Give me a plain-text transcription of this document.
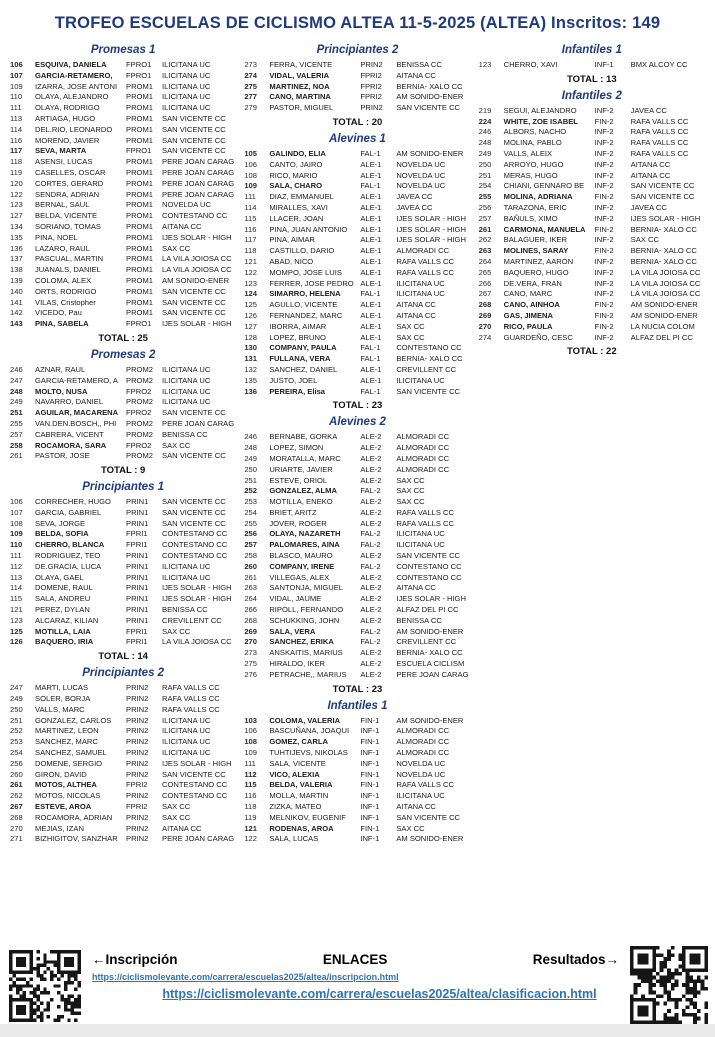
TROFEO ESCUELAS DE CICLISMO ALTEA 11-5-2025 (ALTEA) Inscritos: 149
Promesas 1
106	ESQUIVA, DANIELA	FPRO1	ILICITANA UC
107	GARCIA-RETAMERO,	FPRO1	ILICITANA UC
109	IZARRA, JOSE ANTONI	PROM1	ILICITANA UC
110	OLAYA, ALEJANDRO	PROM1	ILICITANA UC
111	OLAYA, RODRIGO	PROM1	ILICITANA UC
113	ARTIAGA, HUGO	PROM1	SAN VICENTE CC
114	DEL.RIO, LEONARDO	PROM1	SAN VICENTE CC
116	MORENO, JAVIER	PROM1	SAN VICENTE CC
117	SEVA, MARTA	FPRO1	SAN VICENTE CC
118	ASENSI, LUCAS	PROM1	PERE JOAN CARAG
119	CASELLES, OSCAR	PROM1	PERE JOAN CARAG
120	CORTES, GERARD	PROM1	PERE JOAN CARAG
122	SENDRA, ADRIAN	PROM1	PERE JOAN CARAG
123	BERNAL, SAUL	PROM1	NOVELDA UC
127	BELDA, VICENTE	PROM1	CONTESTANO CC
134	SORIANO, TOMAS	PROM1	AITANA CC
135	PINA, NOEL	PROM1	IJES SOLAR - HIGH
136	LAZARO, RAUL	PROM1	SAX CC
137	PASCUAL, MARTIN	PROM1	LA VILA JOIOSA CC
138	JUANALS, DANIEL	PROM1	LA VILA JOIOSA CC
139	COLOMA, ALEX	PROM1	AM SONIDO-ENER
140	ORTS, RODRIGO	PROM1	SAN VICENTE CC
141	VILAS, Cristopher	PROM1	SAN VICENTE CC
142	VICEDO, Pau	PROM1	SAN VICENTE CC
143	PINA, SABELA	FPRO1	IJES SOLAR - HIGH
TOTAL : 25
Promesas 2
246	AZNAR, RAUL	PROM2	ILICITANA UC
247	GARCIA-RETAMERO, A	PROM2	ILICITANA UC
248	MOLTO, NUSA	FPRO2	ILICITANA UC
249	NAVARRO, DANIEL	PROM2	ILICITANA UC
251	AGUILAR, MACARENA	FPRO2	SAN VICENTE CC
255	VAN.DEN.BOSCH,, PHI	PROM2	PERE JOAN CARAG
257	CABRERA, VICENT	PROM2	BENISSA CC
258	ROCAMORA, SARA	FPRO2	SAX CC
261	PASTOR, JOSE	PROM2	SAN VICENTE CC
TOTAL : 9
Principiantes 1
106	CORRECHER, HUGO	PRIN1	SAN VICENTE CC
107	GARCIA, GABRIEL	PRIN1	SAN VICENTE CC
108	SEVA, JORGE	PRIN1	SAN VICENTE CC
109	BELDA, SOFIA	FPRI1	CONTESTANO CC
110	CHERRO, BLANCA	FPRI1	CONTESTANO CC
111	RODRIGUEZ, TEO	PRIN1	CONTESTANO CC
112	DE.GRACIA, LUCA	PRIN1	ILICITANA UC
113	OLAYA, GAEL	PRIN1	ILICITANA UC
114	DOMENE, RAUL	PRIN1	IJES SOLAR - HIGH
115	SALA, ANDREU	PRIN1	IJES SOLAR - HIGH
121	PEREZ, DYLAN	PRIN1	BENISSA CC
123	ALCARAZ, KILIAN	PRIN1	CREVILLENT CC
125	MOTILLA, LAIA	FPRI1	SAX CC
126	BAQUERO, IRIA	FPRI1	LA VILA JOIOSA CC
TOTAL : 14
Principiantes 2
247	MARTI, LUCAS	PRIN2	RAFA VALLS CC
249	SOLER, BORJA	PRIN2	RAFA VALLS CC
250	VALLS, MARC	PRIN2	RAFA VALLS CC
251	GONZALEZ, CARLOS	PRIN2	ILICITANA UC
252	MARTINEZ, LEON	PRIN2	ILICITANA UC
253	SANCHEZ, MARC	PRIN2	ILICITANA UC
254	SANCHEZ, SAMUEL	PRIN2	ILICITANA UC
256	DOMENE, SERGIO	PRIN2	IJES SOLAR - HIGH
260	GIRON, DAVID	PRIN2	SAN VICENTE CC
261	MOTOS, ALTHEA	FPRI2	CONTESTANO CC
262	MOTOS, NICOLAS	PRIN2	CONTESTANO CC
267	ESTEVE, AROA	FPRI2	SAX CC
268	ROCAMORA, ADRIAN	PRIN2	SAX CC
270	MEJIAS, IZAN	PRIN2	AITANA CC
271	BIZHIGITOV, SANZHAR	PRIN2	PERE JOAN CARAG
Principiantes 2
273	FERRA, VICENTE	PRIN2	BENISSA CC
274	VIDAL, VALERIA	FPRI2	AITANA CC
275	MARTINEZ, NOA	FPRI2	BERNIA- XALO CC
277	CANO, MARTINA	FPRI2	AM SONIDO-ENER
279	PASTOR, MIGUEL	PRIN2	SAN VICENTE CC
TOTAL : 20
Alevines 1
105	GALINDO, ELIA	FAL-1	AM SONIDO-ENER
106	CANTO, JAIRO	ALE-1	NOVELDA UC
108	RICO, MARIO	ALE-1	NOVELDA UC
109	SALA, CHARO	FAL-1	NOVELDA UC
111	DIAZ, EMMANUEL	ALE-1	JAVEA CC
114	MIRALLES, XAVI	ALE-1	JAVEA CC
115	LLACER, JOAN	ALE-1	IJES SOLAR - HIGH
116	PINA, JUAN ANTONIO	ALE-1	IJES SOLAR - HIGH
117	PINA, AIMAR	ALE-1	IJES SOLAR - HIGH
118	CASTILLO, DARIO	ALE-1	ALMORADI CC
121	ABAD, NICO	ALE-1	RAFA VALLS CC
122	MOMPO, JOSE LUIS	ALE-1	RAFA VALLS CC
123	FERRER, JOSE PEDRO ALE-1	ILICITANA UC
124	SIMARRO, HELENA	FAL-1	ILICITANA UC
125	AGULLO, VICENTE	ALE-1	AITANA CC
126	FERNANDEZ, MARC	ALE-1	AITANA CC
127	IBORRA, AIMAR	ALE-1	SAX CC
128	LOPEZ, BRUNO	ALE-1	SAX CC
130	COMPANY, PAULA	FAL-1	CONTESTANO CC
131	FULLANA, VERA	FAL-1	BERNIA- XALO CC
132	SANCHEZ, DANIEL	ALE-1	CREVILLENT CC
135	JUSTO, JOEL	ALE-1	ILICITANA UC
136	PEREIRA, Elisa	FAL-1	SAN VICENTE CC
TOTAL : 23
Alevines 2
246	BERNABE, GORKA	ALE-2	ALMORADI CC
248	LOPEZ, SIMON	ALE-2	ALMORADI CC
249	MORATALLA, MARC	ALE-2	ALMORADI CC
250	URIARTE, JAVIER	ALE-2	ALMORADI CC
251	ESTEVE, ORIOL	ALE-2	SAX CC
252	GONZALEZ, ALMA	FAL-2	SAX CC
253	MOTILLA, ENEKO	ALE-2	SAX CC
254	BRIET, ARITZ	ALE-2	RAFA VALLS CC
255	JOVER, ROGER	ALE-2	RAFA VALLS CC
256	OLAYA, NAZARETH	FAL-2	ILICITANA UC
257	PALOMARES, AINA	FAL-2	ILICITANA UC
258	BLASCO, MAURO	ALE-2	SAN VICENTE CC
260	COMPANY, IRENE	FAL-2	CONTESTANO CC
261	VILLEGAS, ALEX	ALE-2	CONTESTANO CC
263	SANTONJA, MIGUEL	ALE-2	AITANA CC
264	VIDAL, JAUME	ALE-2	IJES SOLAR - HIGH
266	RIPOLL, FERNANDO	ALE-2	ALFAZ DEL PI CC
268	SCHUKKING, JOHN	ALE-2	BENISSA CC
269	SALA, VERA	FAL-2	AM SONIDO-ENER
270	SANCHEZ, ERIKA	FAL-2	CREVILLENT CC
273	ANSKAITIS, MARIUS	ALE-2	BERNIA- XALO CC
275	HIRALDO, IKER	ALE-2	ESCUELA CICLISM
276	PETRACHE,, MARIUS	ALE-2	PERE JOAN CARAG
TOTAL : 23
Infantiles 1
103	COLOMA, VALERIA	FIN-1	AM SONIDO-ENER
106	BASCUÑANA, JOAQUI	INF-1	ALMORADI CC
108	GOMEZ, CARLA	FIN-1	ALMORADI CC
109	TUHTIJEVS, NIKOLAS	INF-1	ALMORADI CC
111	SALA, VICENTE	INF-1	NOVELDA UC
112	VICO, ALEXIA	FIN-1	NOVELDA UC
115	BELDA, VALERIA	FIN-1	RAFA VALLS CC
116	MOLLA, MARTIN	INF-1	ILICITANA UC
118	ZIZKA, MATEO	INF-1	AITANA CC
119	MELNIKOV, EUGENIF	INF-1	SAN VICENTE CC
121	RODENAS, AROA	FIN-1	SAX CC
122	SALA, LUCAS	INF-1	AM SONIDO-ENER
Infantiles 1
123	CHERRO, XAVI	INF-1	BMX ALCOY CC
TOTAL : 13
Infantiles 2
219	SEGUI, ALEJANDRO	INF-2	JAVEA CC
224	WHITE, ZOE ISABEL	FIN-2	RAFA VALLS CC
246	ALBORS, NACHO	INF-2	RAFA VALLS CC
248	MOLINA, PABLO	INF-2	RAFA VALLS CC
249	VALLS, ALEIX	INF-2	RAFA VALLS CC
250	ARROYO, HUGO	INF-2	AITANA CC
251	MERAS, HUGO	INF-2	AITANA CC
254	CHIANI, GENNARO BE	INF-2	SAN VICENTE CC
255	MOLINA, ADRIANA	FIN-2	SAN VICENTE CC
256	TARAZONA, ERIC	INF-2	JAVEA CC
257	BAÑULS, XIMO	INF-2	IJES SOLAR - HIGH
261	CARMONA, MANUELA	FIN-2	BERNIA- XALO CC
262	BALAGUER, IKER	INF-2	SAX CC
263	MOLINES, SARAY	FIN-2	BERNIA- XALO CC
264	MARTINEZ, AARON	INF-2	BERNIA- XALO CC
265	BAQUERO, HUGO	INF-2	LA VILA JOIOSA CC
266	DE.VERA, FRAN	INF-2	LA VILA JOIOSA CC
267	CANO, MARC	INF-2	LA VILA JOIOSA CC
268	CANO, AINHOA	FIN-2	AM SONIDO-ENER
269	GAS, JIMENA	FIN-2	AM SONIDO-ENER
270	RICO, PAULA	FIN-2	LA NUCIA COLOM
274	GUARDEÑO, CESC	INF-2	ALFAZ DEL PI CC
TOTAL : 22
←Inscripción	ENLACES	Resultados→
https://ciclismolevante.com/carrera/escuelas2025/altea/inscripcion.html
https://ciclismolevante.com/carrera/escuelas2025/altea/clasificacion.html
